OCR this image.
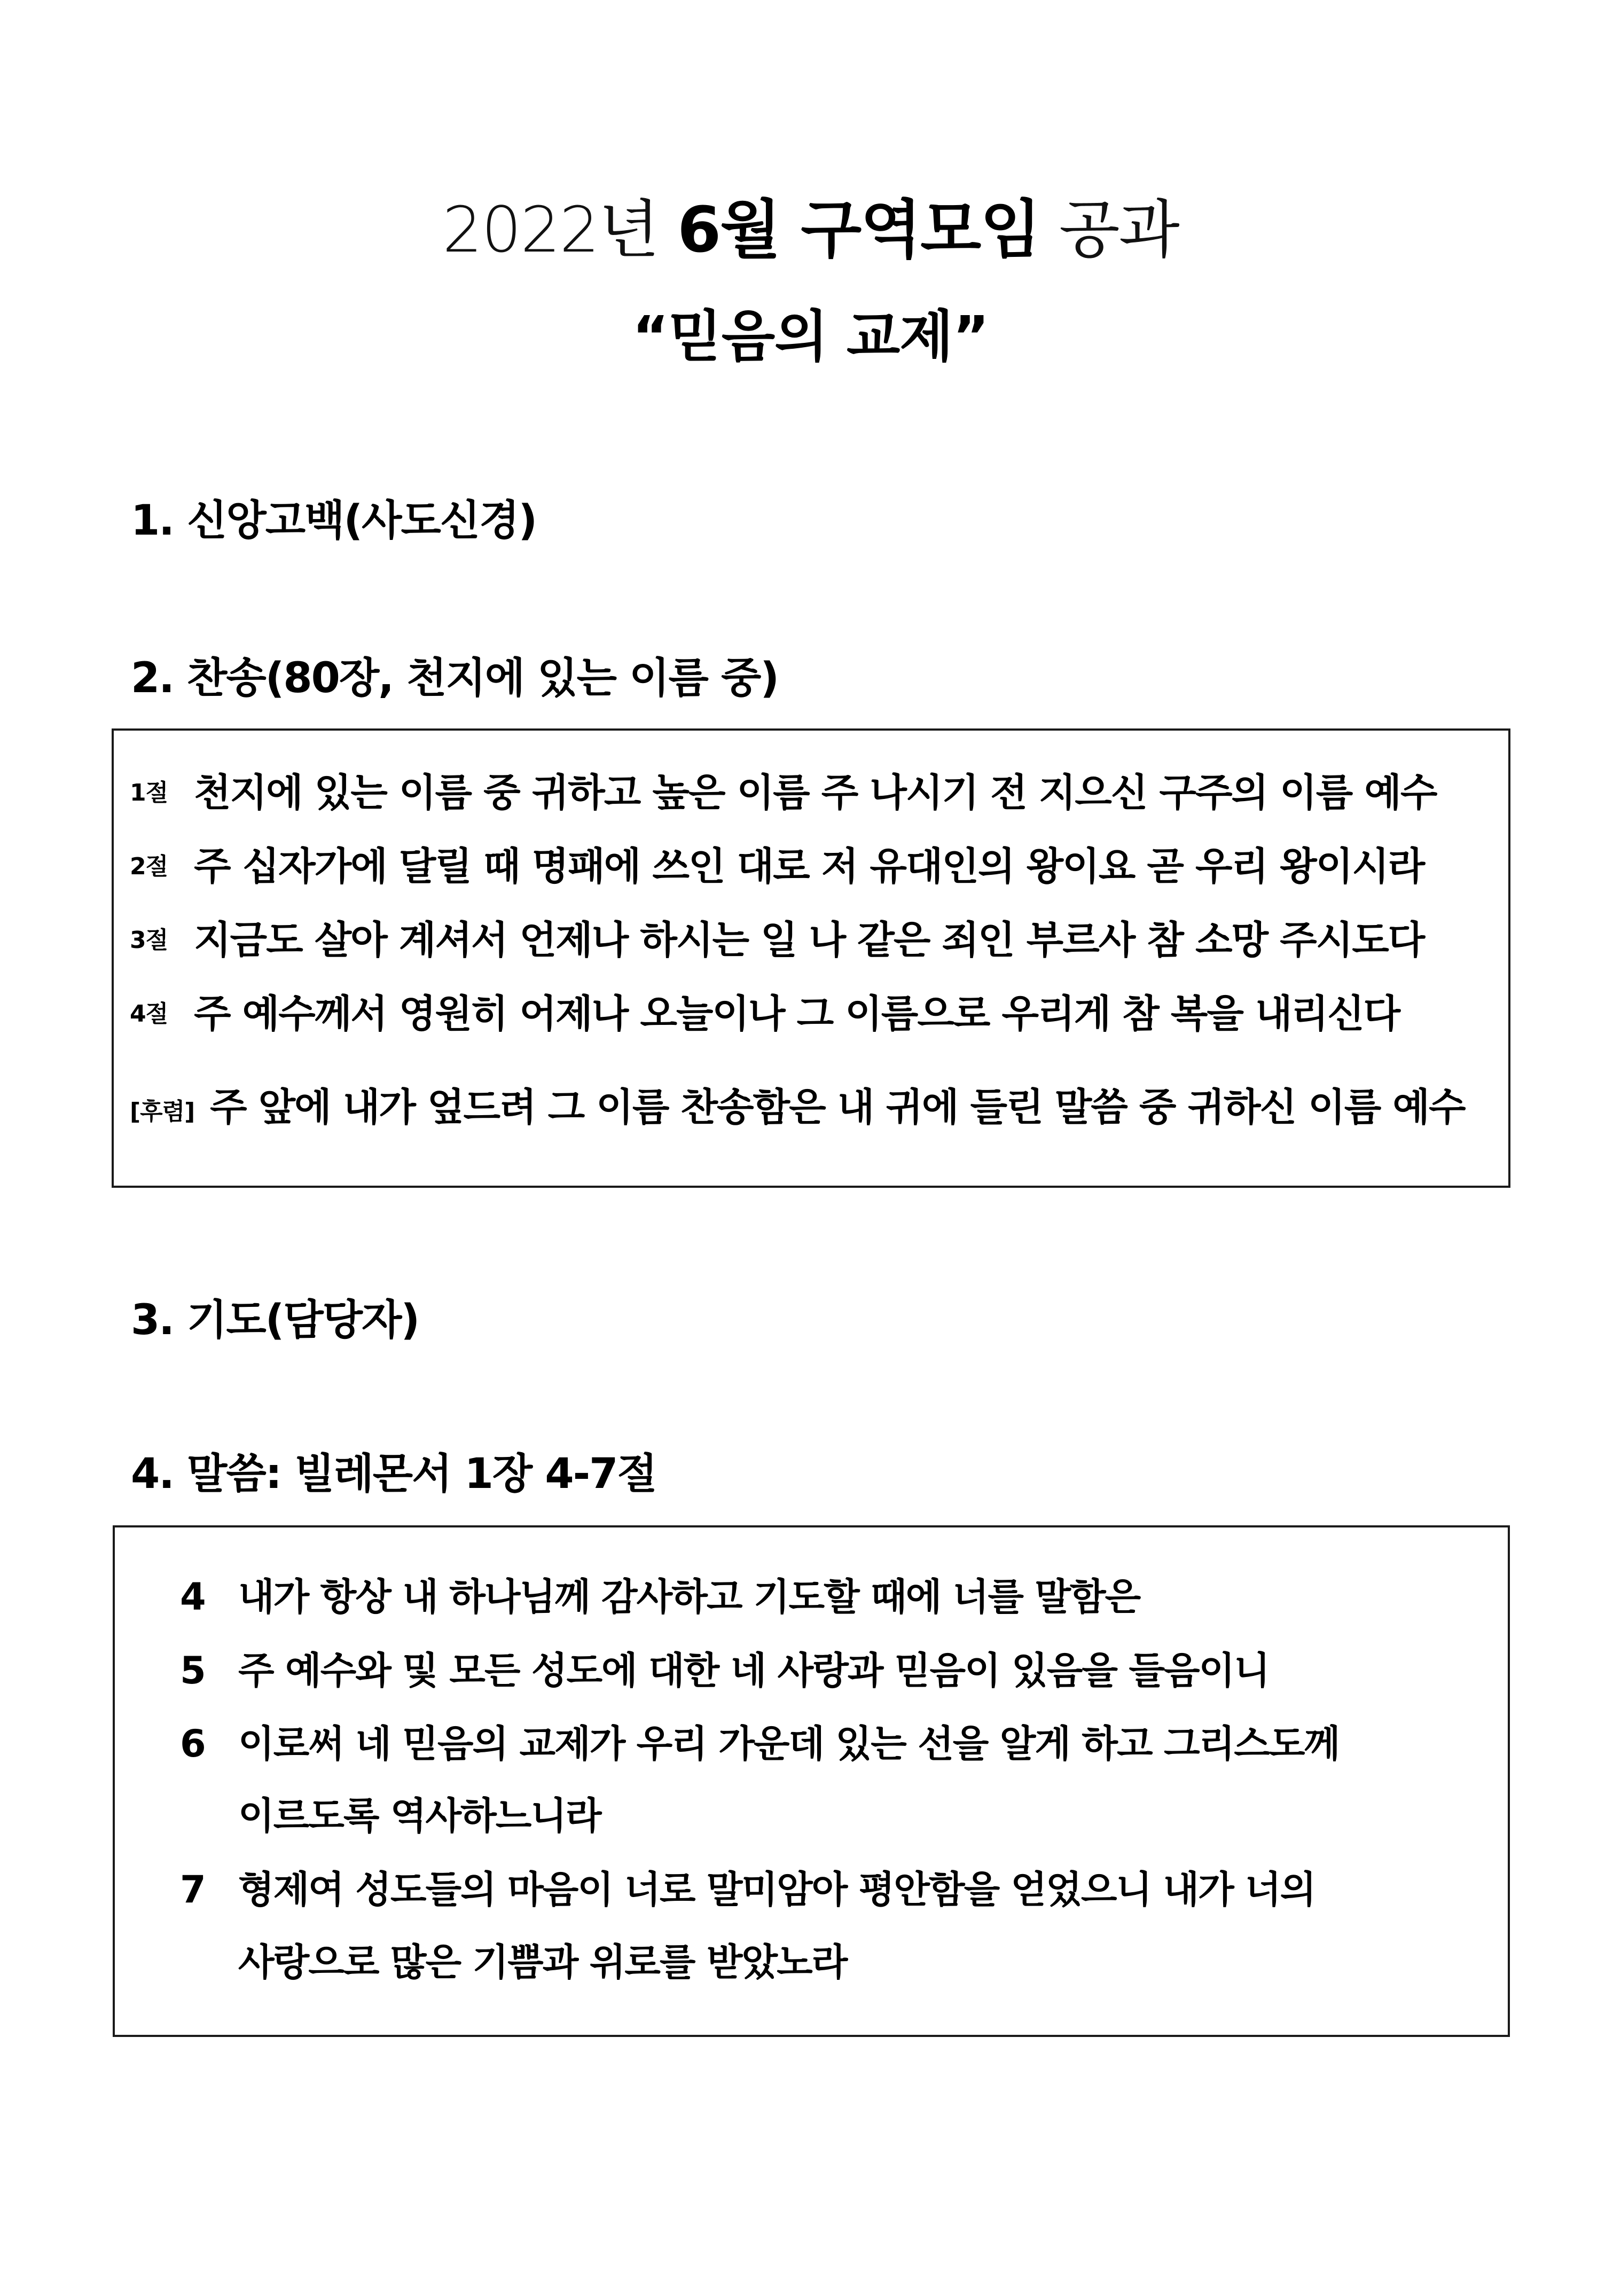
2022년 6월 구역모임 공과
“믿음의 교제”
1. 신앙고백(사도신경)
2. 찬송(80장, 천지에 있는 이름 중)
1절 천지에 있는 이름 중 귀하고 높은 이름 주 나시기 전 지으신 구주의 이름 예수
2절 주 십자가에 달릴 때 명패에 쓰인 대로 저 유대인의 왕이요 곧 우리 왕이시라
3절 지금도 살아 계셔서 언제나 하시는 일 나 같은 죄인 부르사 참 소망 주시도다
4절 주 예수께서 영원히 어제나 오늘이나 그 이름으로 우리게 참 복을 내리신다
[후렴] 주 앞에 내가 엎드려 그 이름 찬송함은 내 귀에 들린 말씀 중 귀하신 이름 예수
3. 기도(담당자)
4. 말씀: 빌레몬서 1장 4-7절
4 내가 항상 내 하나님께 감사하고 기도할 때에 너를 말함은
5 주 예수와 및 모든 성도에 대한 네 사랑과 믿음이 있음을 들음이니
6 이로써 네 믿음의 교제가 우리 가운데 있는 선을 알게 하고 그리스도께
이르도록 역사하느니라
7 형제여 성도들의 마음이 너로 말미암아 평안함을 얻었으니 내가 너의
사랑으로 많은 기쁨과 위로를 받았노라
